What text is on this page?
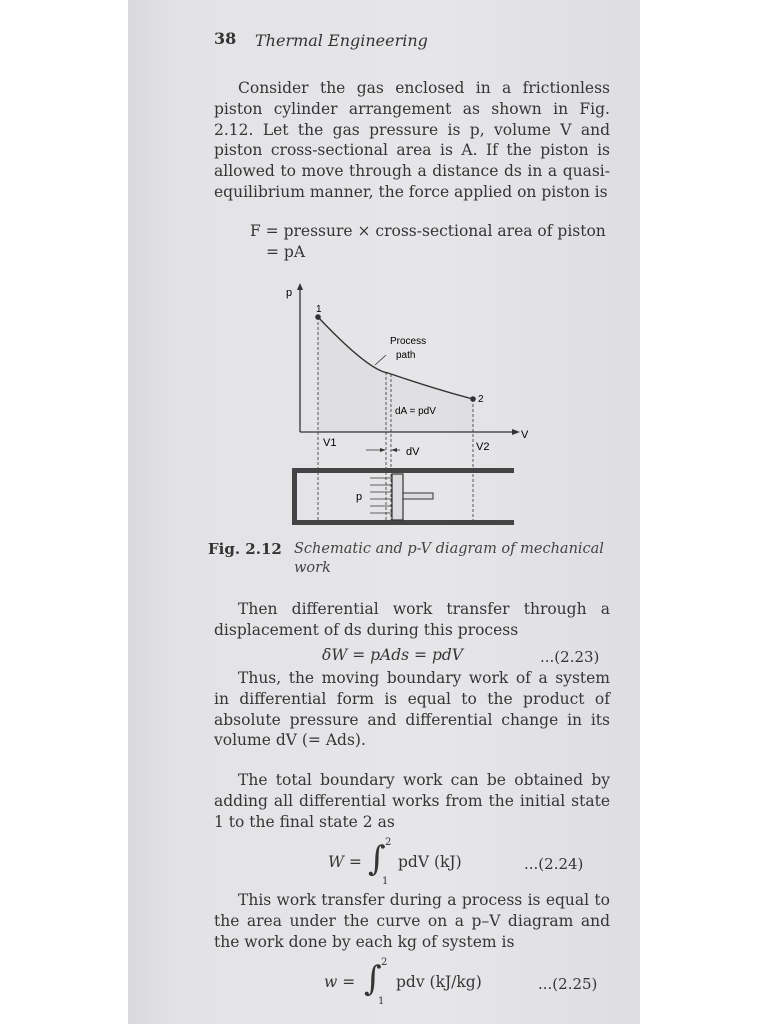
38 Thermal Engineering
Consider the gas enclosed in a frictionless piston cylinder arrangement as shown in Fig. 2.12. Let the gas pressure is p, volume V and piston cross-sectional area is A. If the piston is allowed to move through a distance ds in a quasi-equilibrium manner, the force applied on piston is
F = pressure × cross-sectional area of piston
= pA
p
V
1
2
Process
path
dA = pdV
V1	V2
dV
p
Fig. 2.12 Schematic and p-V diagram of mechanical work
Then differential work transfer through a displacement of ds during this process
δW = pAds = pdV	...(2.23)
Thus, the moving boundary work of a system in differential form is equal to the product of absolute pressure and differential change in its volume dV (= Ads).
The total boundary work can be obtained by adding all differential works from the initial state 1 to the final state 2 as
W = ∫ 2
1
pdV (kJ)	...(2.24)
This work transfer during a process is equal to the area under the curve on a p–V diagram and the work done by each kg of system is
w = ∫ 2
1
pdv (kJ/kg)	...(2.25)
